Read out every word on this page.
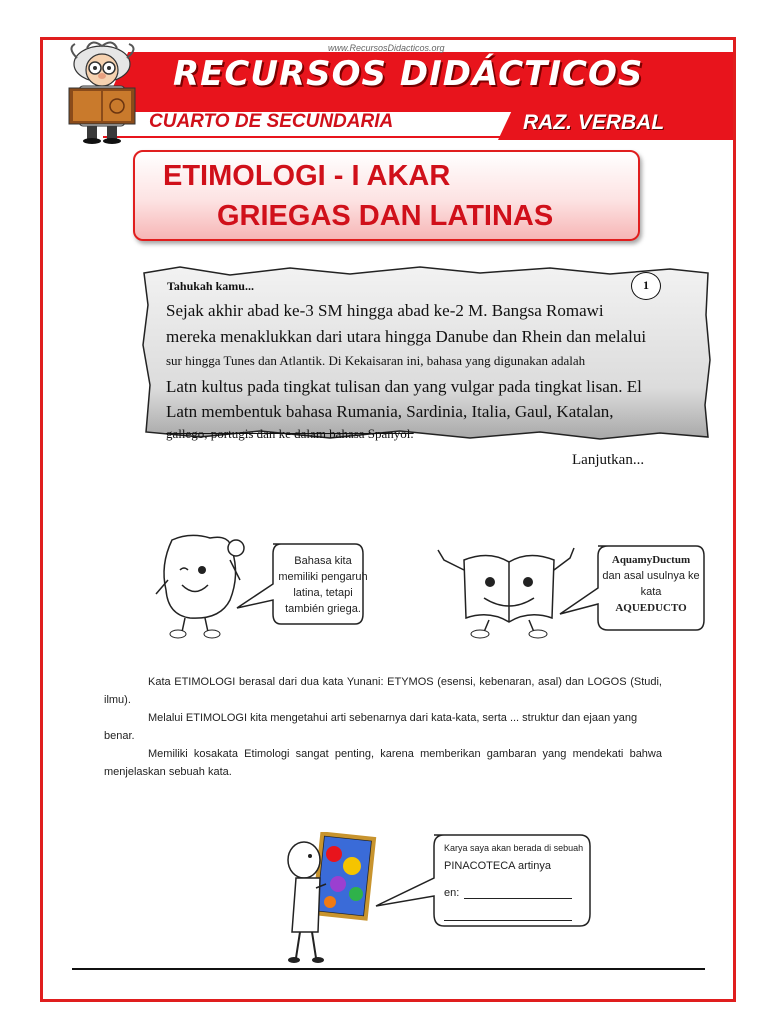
www.RecursosDidacticos.org
RECURSOS DIDÁCTICOS
CUARTO DE SECUNDARIA	RAZ. VERBAL
ETIMOLOGI - I AKAR
GRIEGAS DAN LATINAS
Tahukah kamu...	1
Sejak akhir abad ke-3 SM hingga abad ke-2 M. Bangsa Romawi
mereka menaklukkan dari utara hingga Danube dan Rhein dan melalui
sur hingga Tunes dan Atlantik. Di Kekaisaran ini, bahasa yang digunakan adalah
Latn kultus pada tingkat tulisan dan yang vulgar pada tingkat lisan. El
Latn membentuk bahasa Rumania, Sardinia, Italia, Gaul, Katalan,
gallego, portugis dan ke dalam bahasa Spanyol.
Lanjutkan...
Bahasa kita
memiliki pengaruh
latina, tetapi
también griega.
AquamyDuctum
dan asal usulnya ke
kata
AQUEDUCTO
Kata ETIMOLOGI berasal dari dua kata Yunani: ETYMOS (esensi, kebenaran, asal) dan LOGOS (Studi, ilmu).
Melalui ETIMOLOGI kita mengetahui arti sebenarnya dari kata-kata, serta ... struktur dan ejaan yang benar.
Memiliki kosakata Etimologi sangat penting, karena memberikan gambaran yang mendekati bahwa menjelaskan sebuah kata.
Karya saya akan berada di sebuah
PINACOTECA artinya
en:
